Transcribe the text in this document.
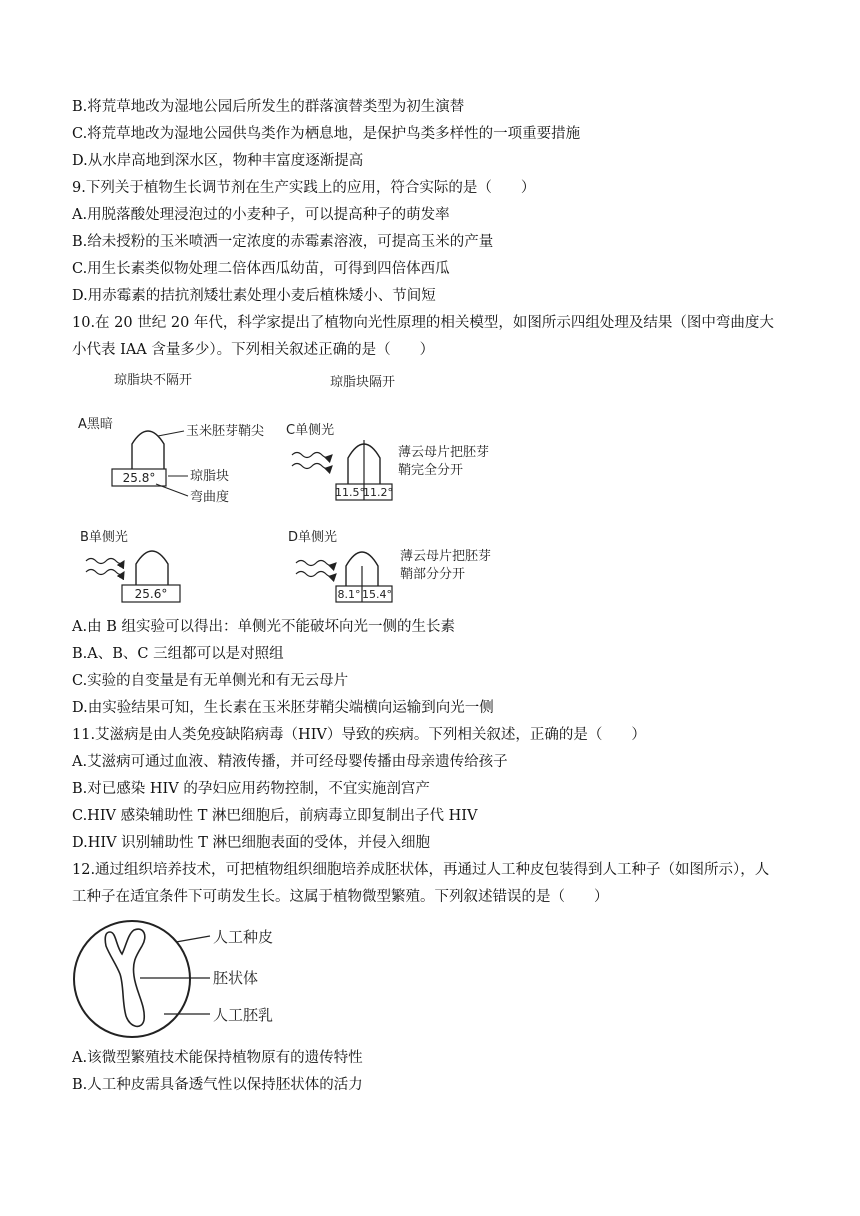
B.将荒草地改为湿地公园后所发生的群落演替类型为初生演替
C.将荒草地改为湿地公园供鸟类作为栖息地，是保护鸟类多样性的一项重要措施
D.从水岸高地到深水区，物种丰富度逐渐提高
9.下列关于植物生长调节剂在生产实践上的应用，符合实际的是（　　）
A.用脱落酸处理浸泡过的小麦种子，可以提高种子的萌发率
B.给未授粉的玉米喷洒一定浓度的赤霉素溶液，可提高玉米的产量
C.用生长素类似物处理二倍体西瓜幼苗，可得到四倍体西瓜
D.用赤霉素的拮抗剂矮壮素处理小麦后植株矮小、节间短
10.在 20 世纪 20 年代，科学家提出了植物向光性原理的相关模型，如图所示四组处理及结果（图中弯曲度大
小代表 IAA 含量多少）。下列相关叙述正确的是（　　）
琼脂块不隔开	琼脂块隔开
A黑暗
25.8°
玉米胚芽鞘尖
琼脂块
弯曲度
C单侧光
11.5°
11.2°
薄云母片把胚芽
鞘完全分开
B单侧光
25.6°
D单侧光
8.1° 15.4°
薄云母片把胚芽
鞘部分分开
A.由 B 组实验可以得出：单侧光不能破坏向光一侧的生长素
B.A、B、C 三组都可以是对照组
C.实验的自变量是有无单侧光和有无云母片
D.由实验结果可知，生长素在玉米胚芽鞘尖端横向运输到向光一侧
11.艾滋病是由人类免疫缺陷病毒（HIV）导致的疾病。下列相关叙述，正确的是（　　）
A.艾滋病可通过血液、精液传播，并可经母婴传播由母亲遗传给孩子
B.对已感染 HIV 的孕妇应用药物控制，不宜实施剖宫产
C.HIV 感染辅助性 T 淋巴细胞后，前病毒立即复制出子代 HIV
D.HIV 识别辅助性 T 淋巴细胞表面的受体，并侵入细胞
12.通过组织培养技术，可把植物组织细胞培养成胚状体，再通过人工种皮包装得到人工种子（如图所示），人
工种子在适宜条件下可萌发生长。这属于植物微型繁殖。下列叙述错误的是（　　）
人工种皮
胚状体
人工胚乳
A.该微型繁殖技术能保持植物原有的遗传特性
B.人工种皮需具备透气性以保持胚状体的活力
